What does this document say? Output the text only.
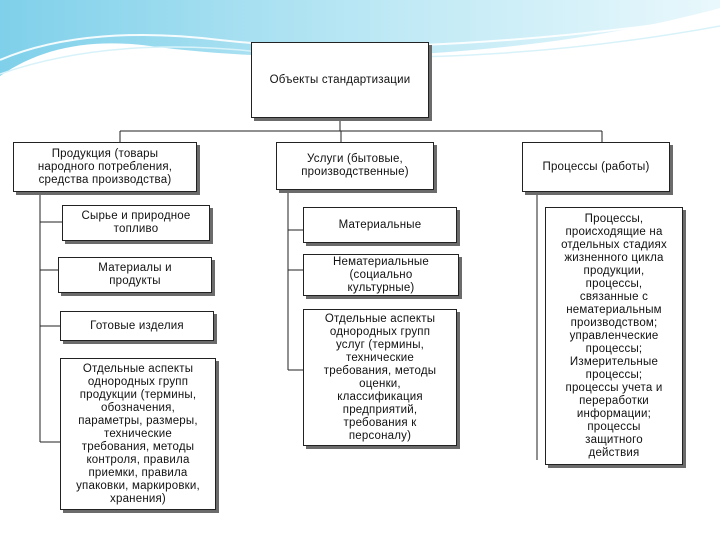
Объекты стандартизации
Продукция (товары
народного потребления,
средства производства)
Услуги (бытовые,
производственные)	Процессы (работы)
Сырье и природное
топливо
Материалы и
продукты
Готовые изделия
Отдельные аспекты
однородных групп
продукции (термины,
обозначения,
параметры, размеры,
технические
требования, методы
контроля, правила
приемки, правила
упаковки, маркировки,
хранения)
Материальные
Нематериальные
(социально
культурные)
Отдельные аспекты
однородных групп
услуг (термины,
технические
требования, методы
оценки,
классификация
предприятий,
требования к
персоналу)
Процессы,
происходящие на
отдельных стадиях
жизненного цикла
продукции,
процессы,
связанные с
нематериальным
производством;
управленческие
процессы;
Измерительные
процессы;
процессы учета и
переработки
информации;
процессы
защитного
действия
